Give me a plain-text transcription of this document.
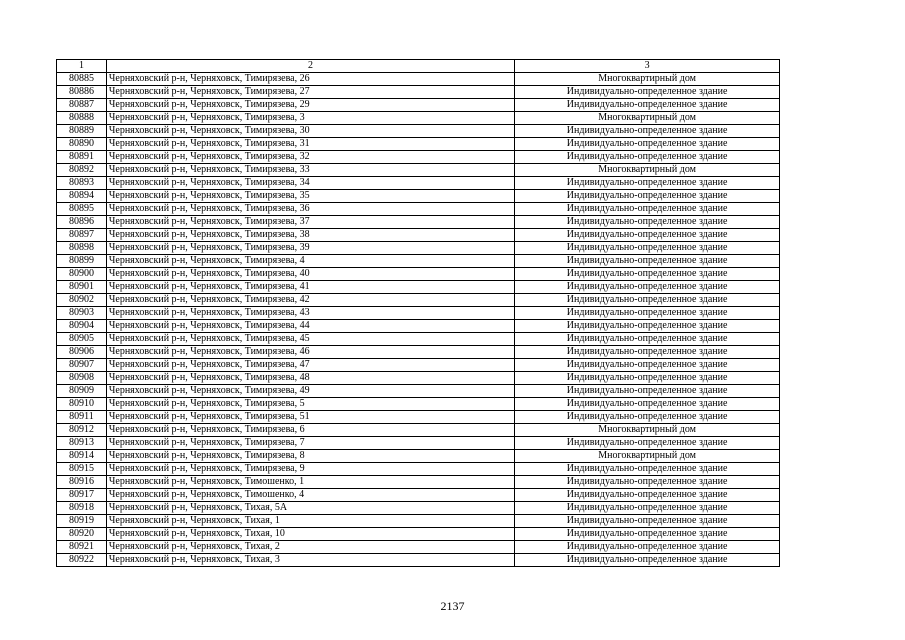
1	2	3
80885	Черняховский р-н, Черняховск, Тимирязева, 26	Многоквартирный дом
80886	Черняховский р-н, Черняховск, Тимирязева, 27	Индивидуально-определенное здание
80887	Черняховский р-н, Черняховск, Тимирязева, 29	Индивидуально-определенное здание
80888	Черняховский р-н, Черняховск, Тимирязева, 3	Многоквартирный дом
80889	Черняховский р-н, Черняховск, Тимирязева, 30	Индивидуально-определенное здание
80890	Черняховский р-н, Черняховск, Тимирязева, 31	Индивидуально-определенное здание
80891	Черняховский р-н, Черняховск, Тимирязева, 32	Индивидуально-определенное здание
80892	Черняховский р-н, Черняховск, Тимирязева, 33	Многоквартирный дом
80893	Черняховский р-н, Черняховск, Тимирязева, 34	Индивидуально-определенное здание
80894	Черняховский р-н, Черняховск, Тимирязева, 35	Индивидуально-определенное здание
80895	Черняховский р-н, Черняховск, Тимирязева, 36	Индивидуально-определенное здание
80896	Черняховский р-н, Черняховск, Тимирязева, 37	Индивидуально-определенное здание
80897	Черняховский р-н, Черняховск, Тимирязева, 38	Индивидуально-определенное здание
80898	Черняховский р-н, Черняховск, Тимирязева, 39	Индивидуально-определенное здание
80899	Черняховский р-н, Черняховск, Тимирязева, 4	Индивидуально-определенное здание
80900	Черняховский р-н, Черняховск, Тимирязева, 40	Индивидуально-определенное здание
80901	Черняховский р-н, Черняховск, Тимирязева, 41	Индивидуально-определенное здание
80902	Черняховский р-н, Черняховск, Тимирязева, 42	Индивидуально-определенное здание
80903	Черняховский р-н, Черняховск, Тимирязева, 43	Индивидуально-определенное здание
80904	Черняховский р-н, Черняховск, Тимирязева, 44	Индивидуально-определенное здание
80905	Черняховский р-н, Черняховск, Тимирязева, 45	Индивидуально-определенное здание
80906	Черняховский р-н, Черняховск, Тимирязева, 46	Индивидуально-определенное здание
80907	Черняховский р-н, Черняховск, Тимирязева, 47	Индивидуально-определенное здание
80908	Черняховский р-н, Черняховск, Тимирязева, 48	Индивидуально-определенное здание
80909	Черняховский р-н, Черняховск, Тимирязева, 49	Индивидуально-определенное здание
80910	Черняховский р-н, Черняховск, Тимирязева, 5	Индивидуально-определенное здание
80911	Черняховский р-н, Черняховск, Тимирязева, 51	Индивидуально-определенное здание
80912	Черняховский р-н, Черняховск, Тимирязева, 6	Многоквартирный дом
80913	Черняховский р-н, Черняховск, Тимирязева, 7	Индивидуально-определенное здание
80914	Черняховский р-н, Черняховск, Тимирязева, 8	Многоквартирный дом
80915	Черняховский р-н, Черняховск, Тимирязева, 9	Индивидуально-определенное здание
80916	Черняховский р-н, Черняховск, Тимошенко, 1	Индивидуально-определенное здание
80917	Черняховский р-н, Черняховск, Тимошенко, 4	Индивидуально-определенное здание
80918	Черняховский р-н, Черняховск, Тихая, 5А	Индивидуально-определенное здание
80919	Черняховский р-н, Черняховск, Тихая, 1	Индивидуально-определенное здание
80920	Черняховский р-н, Черняховск, Тихая, 10	Индивидуально-определенное здание
80921	Черняховский р-н, Черняховск, Тихая, 2	Индивидуально-определенное здание
80922	Черняховский р-н, Черняховск, Тихая, 3	Индивидуально-определенное здание
2137
